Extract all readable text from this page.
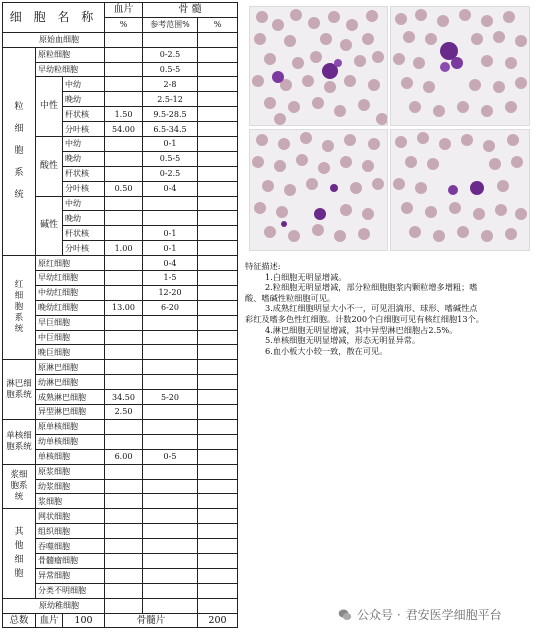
细 胞 名 称			血片	骨 髓	
			%	参考范围%	%
原始血细胞					
粒细胞系统	原粒细胞			0-2.5	
	早幼粒细胞			0.5-5	
	中性	中幼		2-8	
		晚幼		2.5-12	
		杆状核	1.50	9.5-28.5	
		分叶核	54.00	6.5-34.5	
	酸性	中幼		0-1	
		晚幼		0.5-5	
		杆状核		0-2.5	
		分叶核	0.50	0-4	
	碱性	中幼			
		晚幼			
		杆状核		0-1	
		分叶核	1.00	0-1	
红细胞系统	原红细胞			0-4	
	早幼红细胞			1-5	
	中幼红细胞			12-20	
	晚幼红细胞		13.00	6-20	
	早巨细胞				
	中巨细胞				
	晚巨细胞				
淋巴细胞系统	原淋巴细胞				
	幼淋巴细胞				
	成熟淋巴细胞		34.50	5-20	
	异型淋巴细胞		2.50		
单核细胞系统	原单核细胞				
	幼单核细胞				
	单核细胞		6.00	0-5	
浆细胞系统	原浆细胞				
	幼浆细胞				
	浆细胞				
其他细胞	网状细胞				
	组织细胞				
	吞噬细胞				
	骨髓瘤细胞				
	异常细胞				
	分类不明细胞				
原幼稚细胞					
总数	血片	100	骨髓片		200
特征描述:
1.白细胞无明显增减。
2.粒细胞无明显增减，部分粒细胞胞浆内颗粒增多增粗；嗜
酸、嗜碱性粒细胞可见。
3.成熟红细胞明显大小不一，可见泪滴形、球形、嗜碱性点
彩红及嗜多色性红细胞。计数200个白细胞可见有核红细胞13个。
4.淋巴细胞无明显增减，其中异型淋巴细胞占2.5%。
5.单核细胞无明显增减，形态无明显异常。
6.血小板大小较一致，散在可见。
公众号 · 君安医学细胞平台
